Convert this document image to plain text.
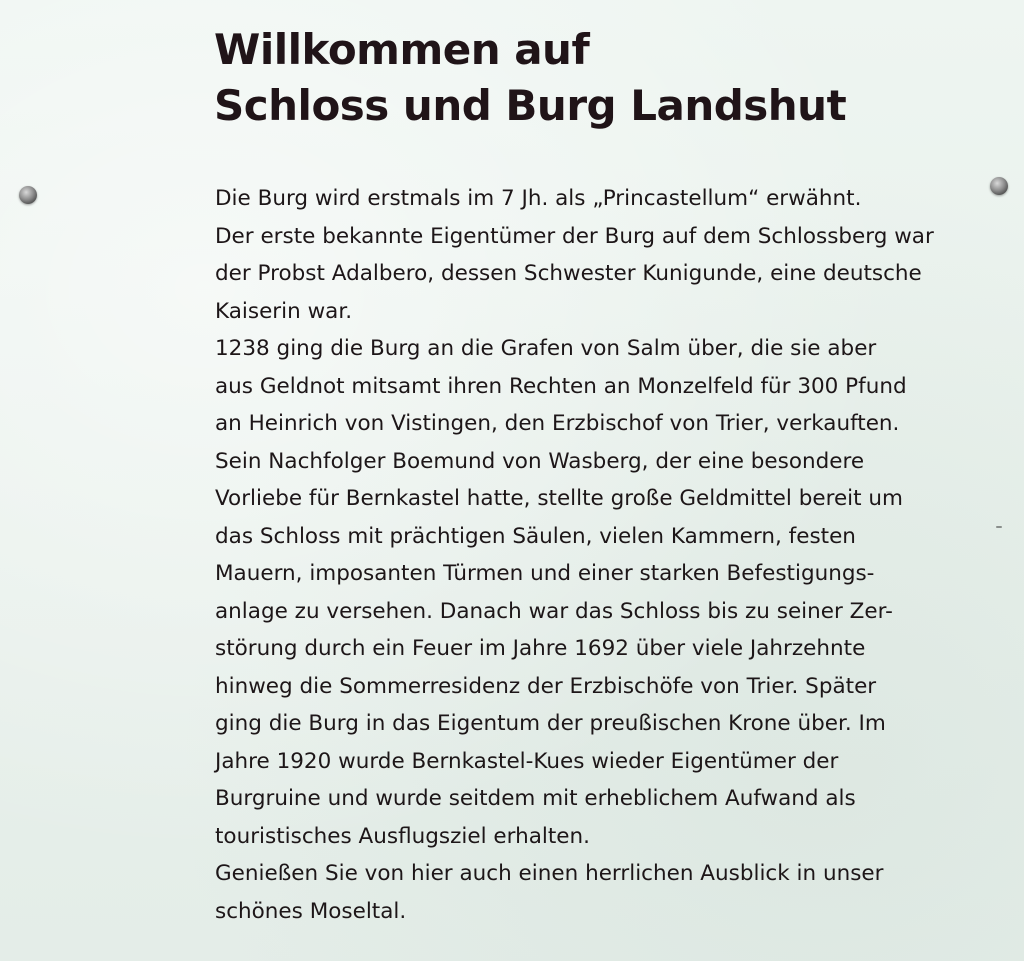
Willkommen auf
Schloss und Burg Landshut
Die Burg wird erstmals im 7 Jh. als „Princastellum“ erwähnt.
Der erste bekannte Eigentümer der Burg auf dem Schlossberg war
der Probst Adalbero, dessen Schwester Kunigunde, eine deutsche
Kaiserin war.
1238 ging die Burg an die Grafen von Salm über, die sie aber
aus Geldnot mitsamt ihren Rechten an Monzelfeld für 300 Pfund
an Heinrich von Vistingen, den Erzbischof von Trier, verkauften.
Sein Nachfolger Boemund von Wasberg, der eine besondere
Vorliebe für Bernkastel hatte, stellte große Geldmittel bereit um
das Schloss mit prächtigen Säulen, vielen Kammern, festen
Mauern, imposanten Türmen und einer starken Befestigungs-
anlage zu versehen. Danach war das Schloss bis zu seiner Zer-
störung durch ein Feuer im Jahre 1692 über viele Jahrzehnte
hinweg die Sommerresidenz der Erzbischöfe von Trier. Später
ging die Burg in das Eigentum der preußischen Krone über. Im
Jahre 1920 wurde Bernkastel-Kues wieder Eigentümer der
Burgruine und wurde seitdem mit erheblichem Aufwand als
touristisches Ausflugsziel erhalten.
Genießen Sie von hier auch einen herrlichen Ausblick in unser
schönes Moseltal.
